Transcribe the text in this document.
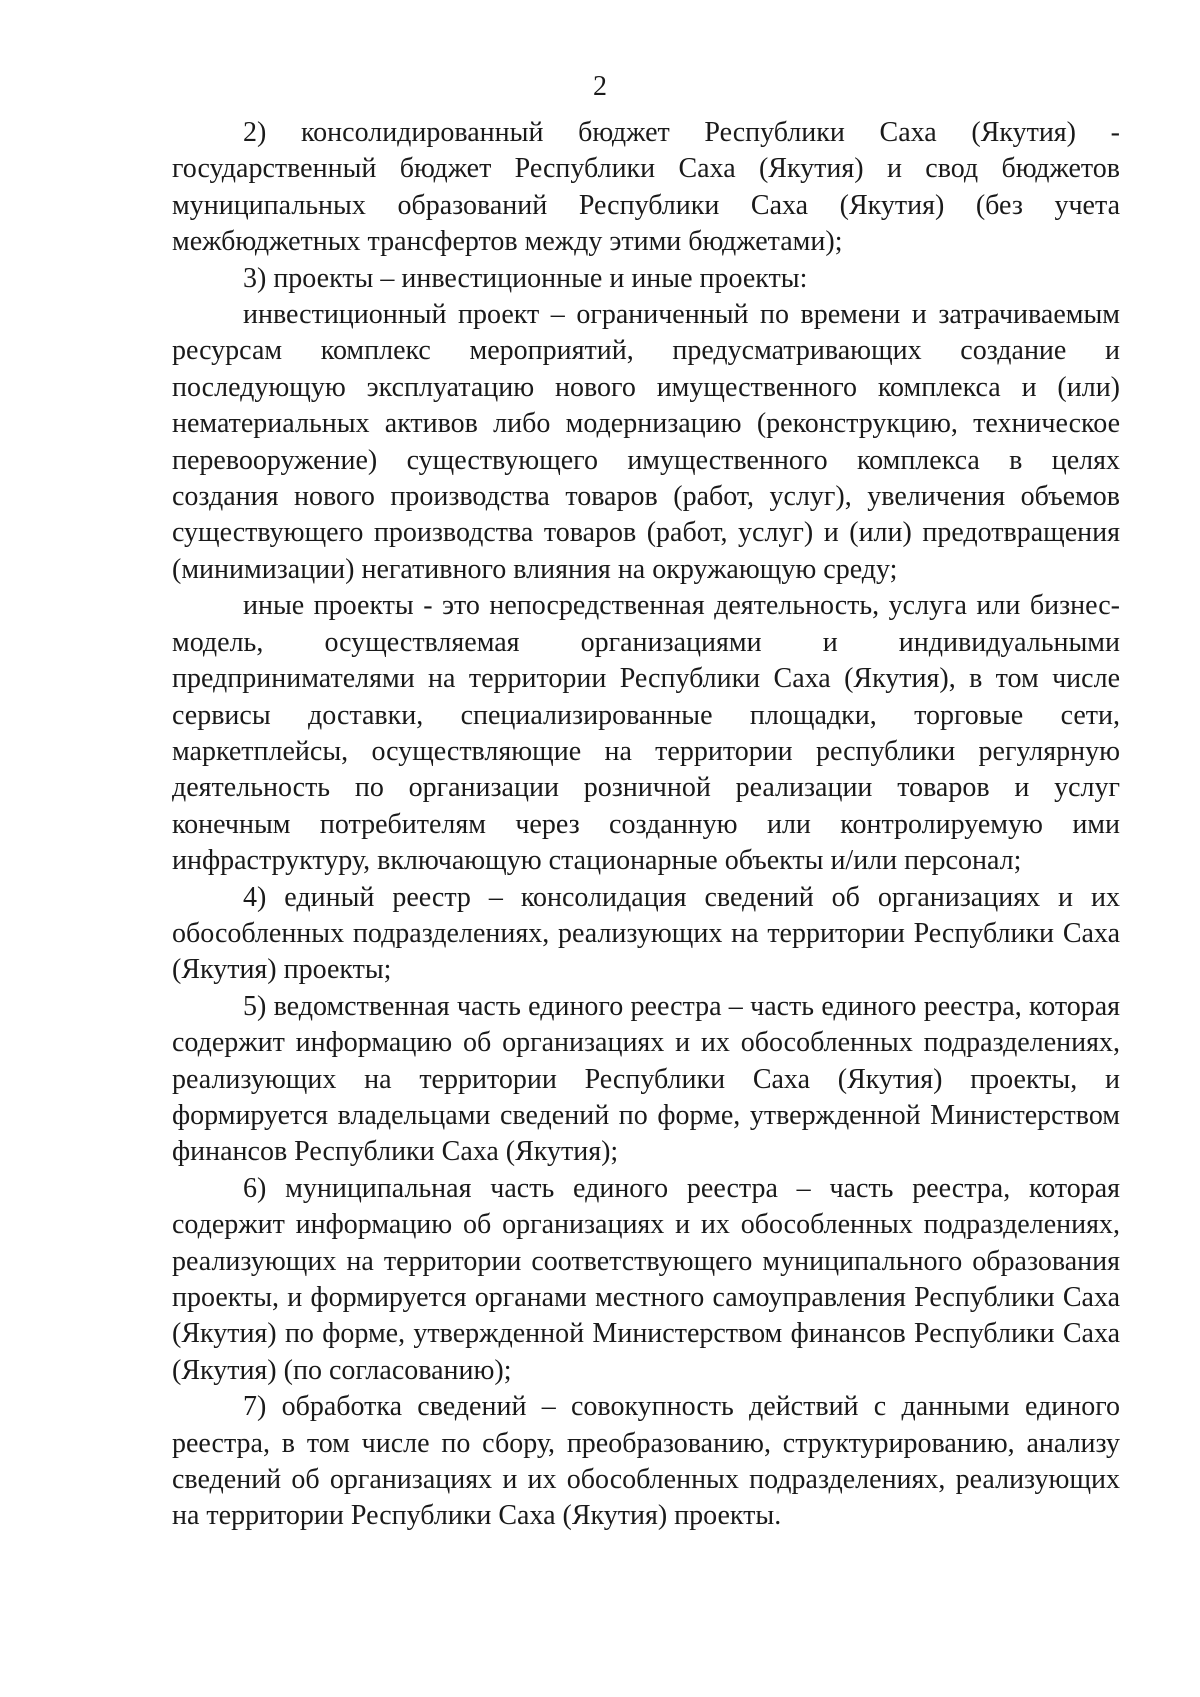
2

2) консолидированный бюджет Республики Саха (Якутия) - государственный бюджет Республики Саха (Якутия) и свод бюджетов муниципальных образований Республики Саха (Якутия) (без учета межбюджетных трансфертов между этими бюджетами);

3) проекты – инвестиционные и иные проекты:

инвестиционный проект – ограниченный по времени и затрачиваемым ресурсам комплекс мероприятий, предусматривающих создание и последующую эксплуатацию нового имущественного комплекса и (или) нематериальных активов либо модернизацию (реконструкцию, техническое перевооружение) существующего имущественного комплекса в целях создания нового производства товаров (работ, услуг), увеличения объемов существующего производства товаров (работ, услуг) и (или) предотвращения (минимизации) негативного влияния на окружающую среду;

иные проекты - это непосредственная деятельность, услуга или бизнес-модель, осуществляемая организациями и индивидуальными предпринимателями на территории Республики Саха (Якутия), в том числе сервисы доставки, специализированные площадки, торговые сети, маркетплейсы, осуществляющие на территории республики регулярную деятельность по организации розничной реализации товаров и услуг конечным потребителям через созданную или контролируемую ими инфраструктуру, включающую стационарные объекты и/или персонал;

4) единый реестр – консолидация сведений об организациях и их обособленных подразделениях, реализующих на территории Республики Саха (Якутия) проекты;

5) ведомственная часть единого реестра – часть единого реестра, которая содержит информацию об организациях и их обособленных подразделениях, реализующих на территории Республики Саха (Якутия) проекты, и формируется владельцами сведений по форме, утвержденной Министерством финансов Республики Саха (Якутия);

6) муниципальная часть единого реестра – часть реестра, которая содержит информацию об организациях и их обособленных подразделениях, реализующих на территории соответствующего муниципального образования проекты, и формируется органами местного самоуправления Республики Саха (Якутия) по форме, утвержденной Министерством финансов Республики Саха (Якутия) (по согласованию);

7) обработка сведений – совокупность действий с данными единого реестра, в том числе по сбору, преобразованию, структурированию, анализу сведений об организациях и их обособленных подразделениях, реализующих на территории Республики Саха (Якутия) проекты.
